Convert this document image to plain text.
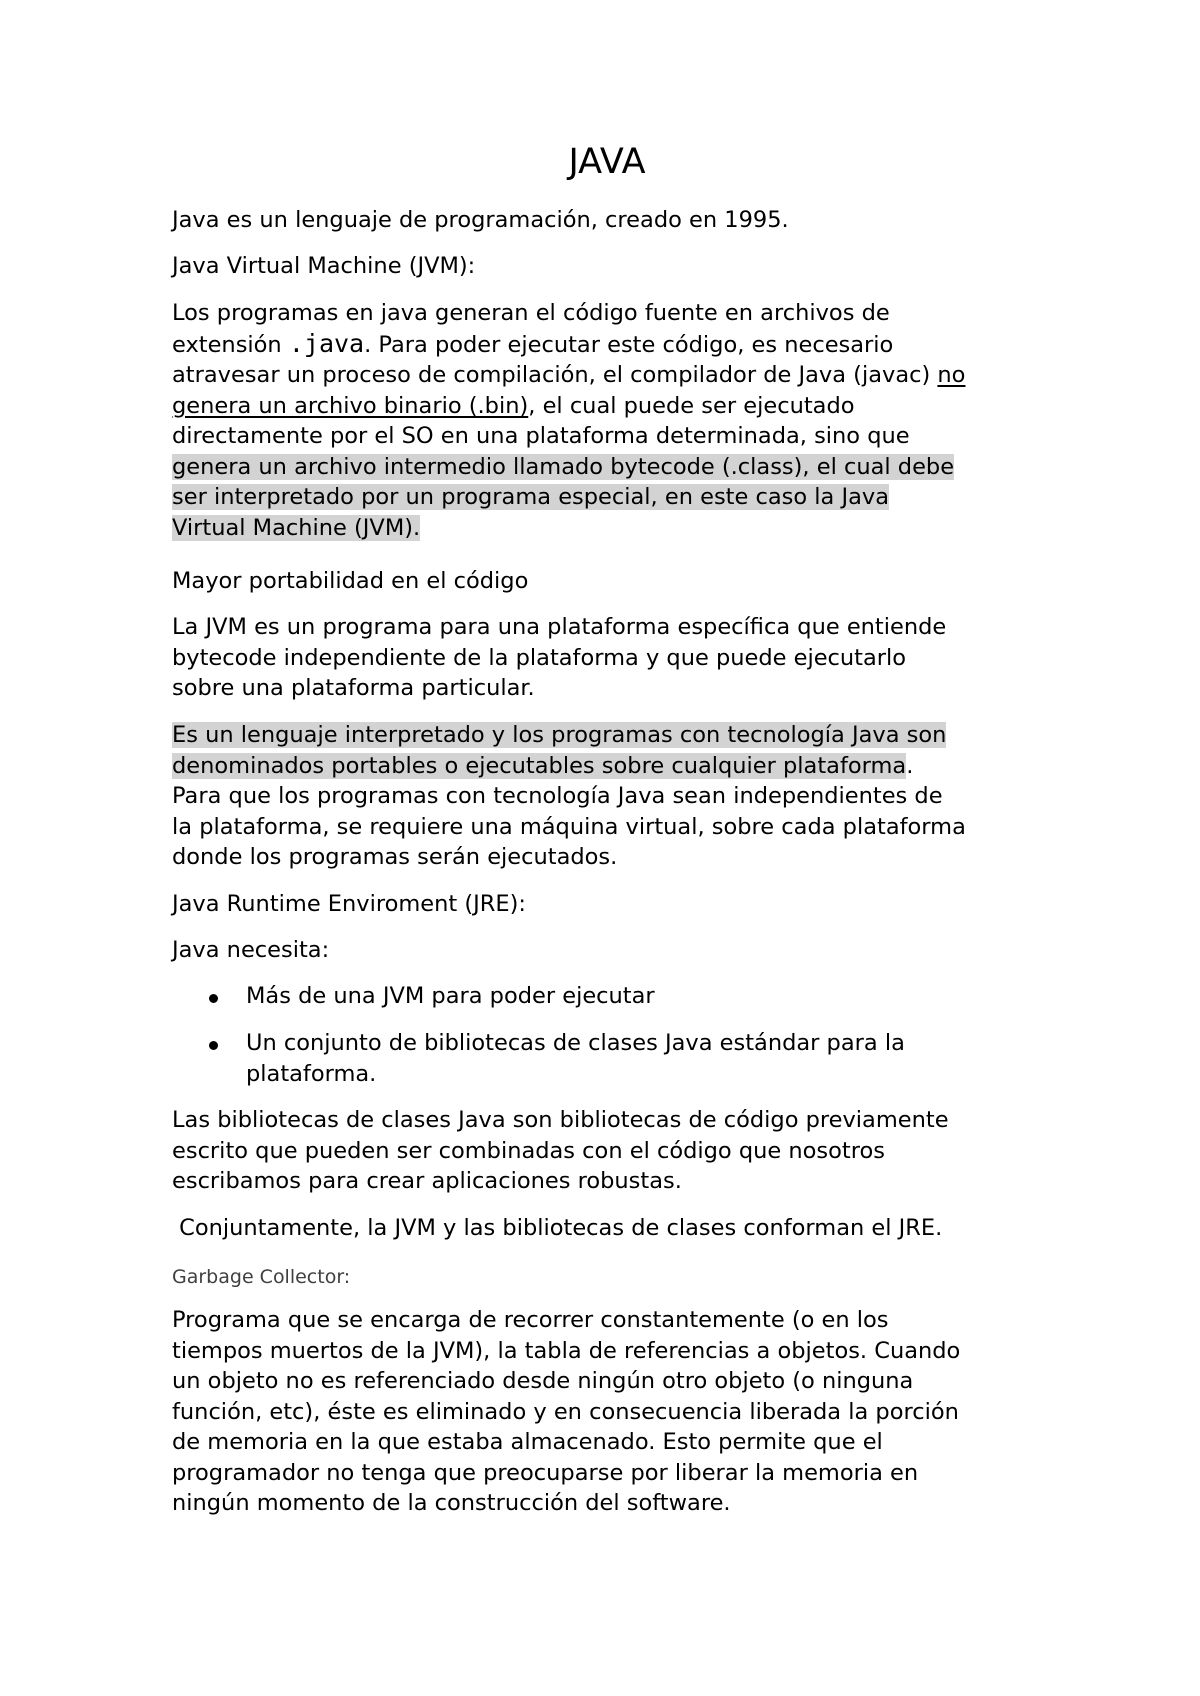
JAVA

Java es un lenguaje de programación, creado en 1995.

Java Virtual Machine (JVM):

Los programas en java generan el código fuente en archivos de
extensión .java. Para poder ejecutar este código, es necesario
atravesar un proceso de compilación, el compilador de Java (javac) no
genera un archivo binario (.bin), el cual puede ser ejecutado
directamente por el SO en una plataforma determinada, sino que
genera un archivo intermedio llamado bytecode (.class), el cual debe
ser interpretado por un programa especial, en este caso la Java
Virtual Machine (JVM).

Mayor portabilidad en el código

La JVM es un programa para una plataforma específica que entiende
bytecode independiente de la plataforma y que puede ejecutarlo
sobre una plataforma particular.

Es un lenguaje interpretado y los programas con tecnología Java son
denominados portables o ejecutables sobre cualquier plataforma.
Para que los programas con tecnología Java sean independientes de
la plataforma, se requiere una máquina virtual, sobre cada plataforma
donde los programas serán ejecutados.

Java Runtime Enviroment (JRE):

Java necesita:

Más de una JVM para poder ejecutar
Un conjunto de bibliotecas de clases Java estándar para la
plataforma.

Las bibliotecas de clases Java son bibliotecas de código previamente
escrito que pueden ser combinadas con el código que nosotros
escribamos para crear aplicaciones robustas.

Conjuntamente, la JVM y las bibliotecas de clases conforman el JRE.

Garbage Collector:

Programa que se encarga de recorrer constantemente (o en los
tiempos muertos de la JVM), la tabla de referencias a objetos. Cuando
un objeto no es referenciado desde ningún otro objeto (o ninguna
función, etc), éste es eliminado y en consecuencia liberada la porción
de memoria en la que estaba almacenado. Esto permite que el
programador no tenga que preocuparse por liberar la memoria en
ningún momento de la construcción del software.
